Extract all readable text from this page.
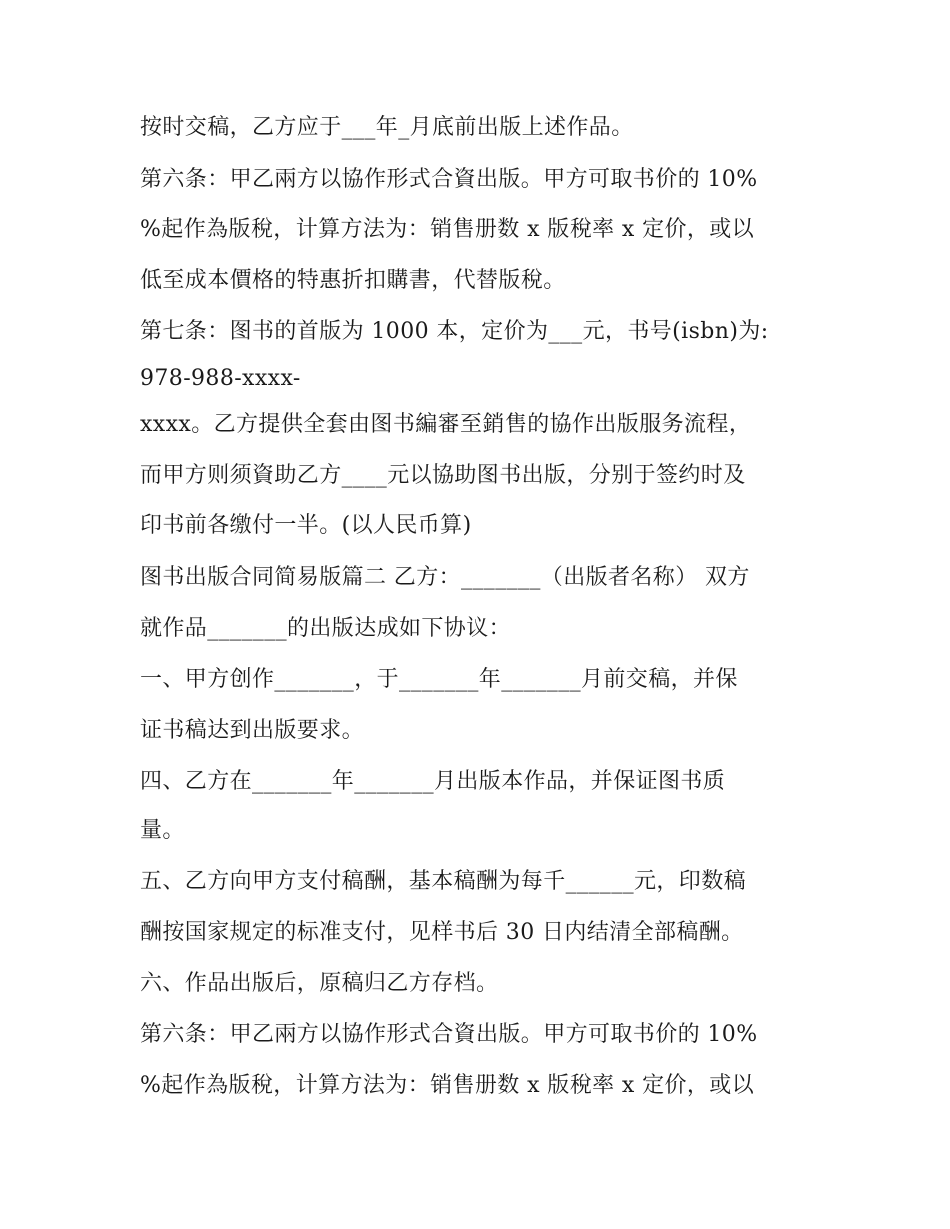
按时交稿，乙方应于___年_月底前出版上述作品。
第六条：甲乙兩方以協作形式合資出版。甲方可取书价的 10%
%起作為版稅，计算方法为：销售册数 x 版稅率 x 定价，或以
低至成本價格的特惠折扣購書，代替版稅。
第七条：图书的首版为 1000 本，定价为___元，书号(isbn)为:
978-988-xxxx-
xxxx。乙方提供全套由图书編審至銷售的協作出版服务流程，
而甲方则须資助乙方____元以協助图书出版，分别于签约时及
印书前各缴付一半。(以人民币算)
图书出版合同简易版篇二 乙方：_______（出版者名称） 双方
就作品_______的出版达成如下协议：
一、甲方创作_______，于_______年_______月前交稿，并保
证书稿达到出版要求。
四、乙方在_______年_______月出版本作品，并保证图书质
量。
五、乙方向甲方支付稿酬，基本稿酬为每千______元，印数稿
酬按国家规定的标准支付，见样书后 30 日内结清全部稿酬。
六、作品出版后，原稿归乙方存档。
第六条：甲乙兩方以協作形式合資出版。甲方可取书价的 10%
%起作為版稅，计算方法为：销售册数 x 版稅率 x 定价，或以
